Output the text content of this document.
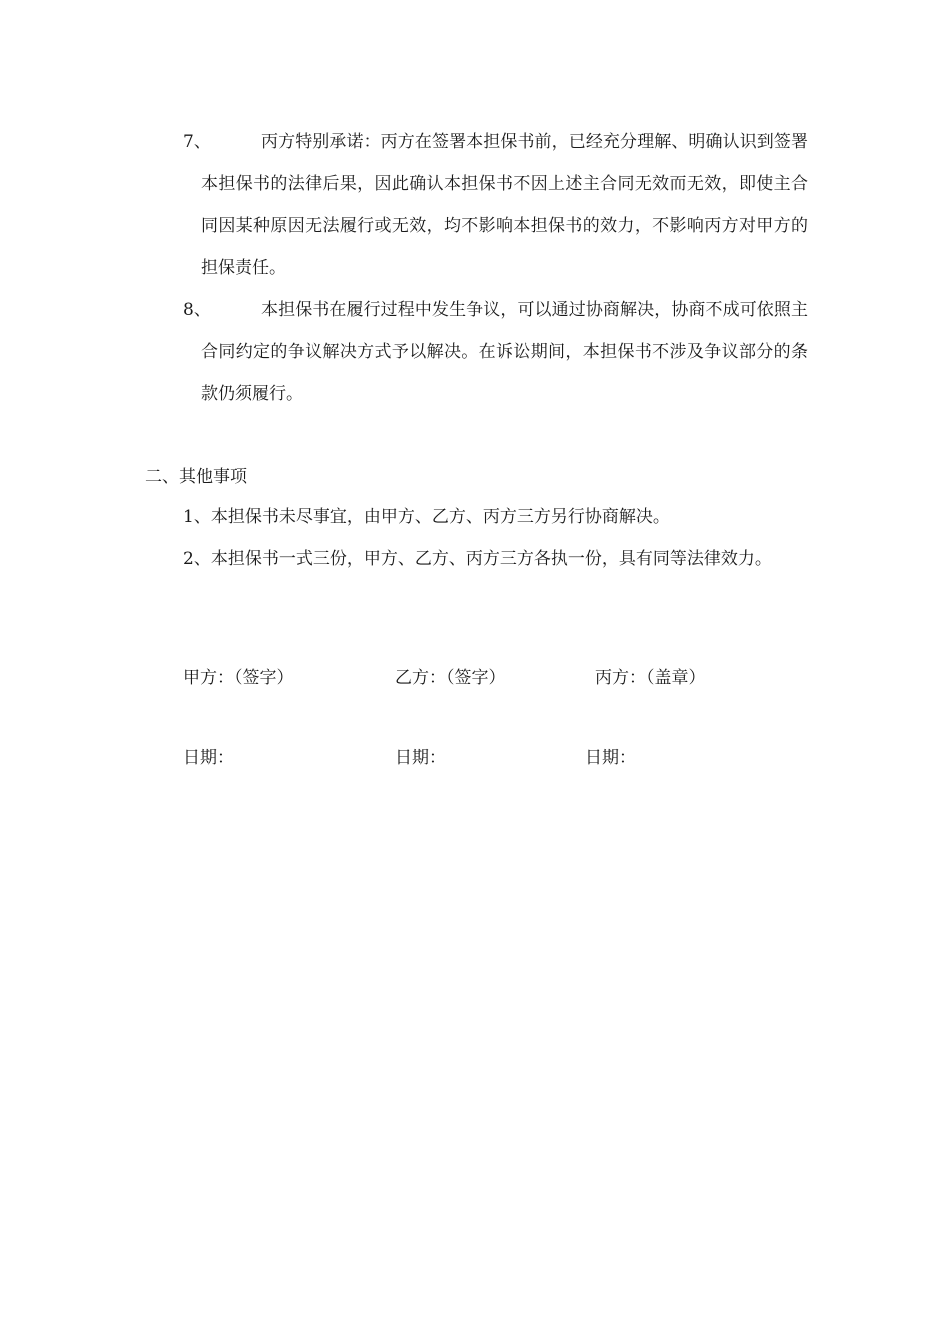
7、	丙方特别承诺：丙方在签署本担保书前，已经充分理解、明确认识到签署本担保书的法律后果，因此确认本担保书不因上述主合同无效而无效，即使主合同因某种原因无法履行或无效，均不影响本担保书的效力，不影响丙方对甲方的担保责任。
8、	本担保书在履行过程中发生争议，可以通过协商解决，协商不成可依照主合同约定的争议解决方式予以解决。在诉讼期间，本担保书不涉及争议部分的条款仍须履行。
二、其他事项
1、本担保书未尽事宜，由甲方、乙方、丙方三方另行协商解决。
2、本担保书一式三份，甲方、乙方、丙方三方各执一份，具有同等法律效力。
甲方：（签字）	乙方：（签字）	丙方：（盖章）
日期：	日期：	日期：
